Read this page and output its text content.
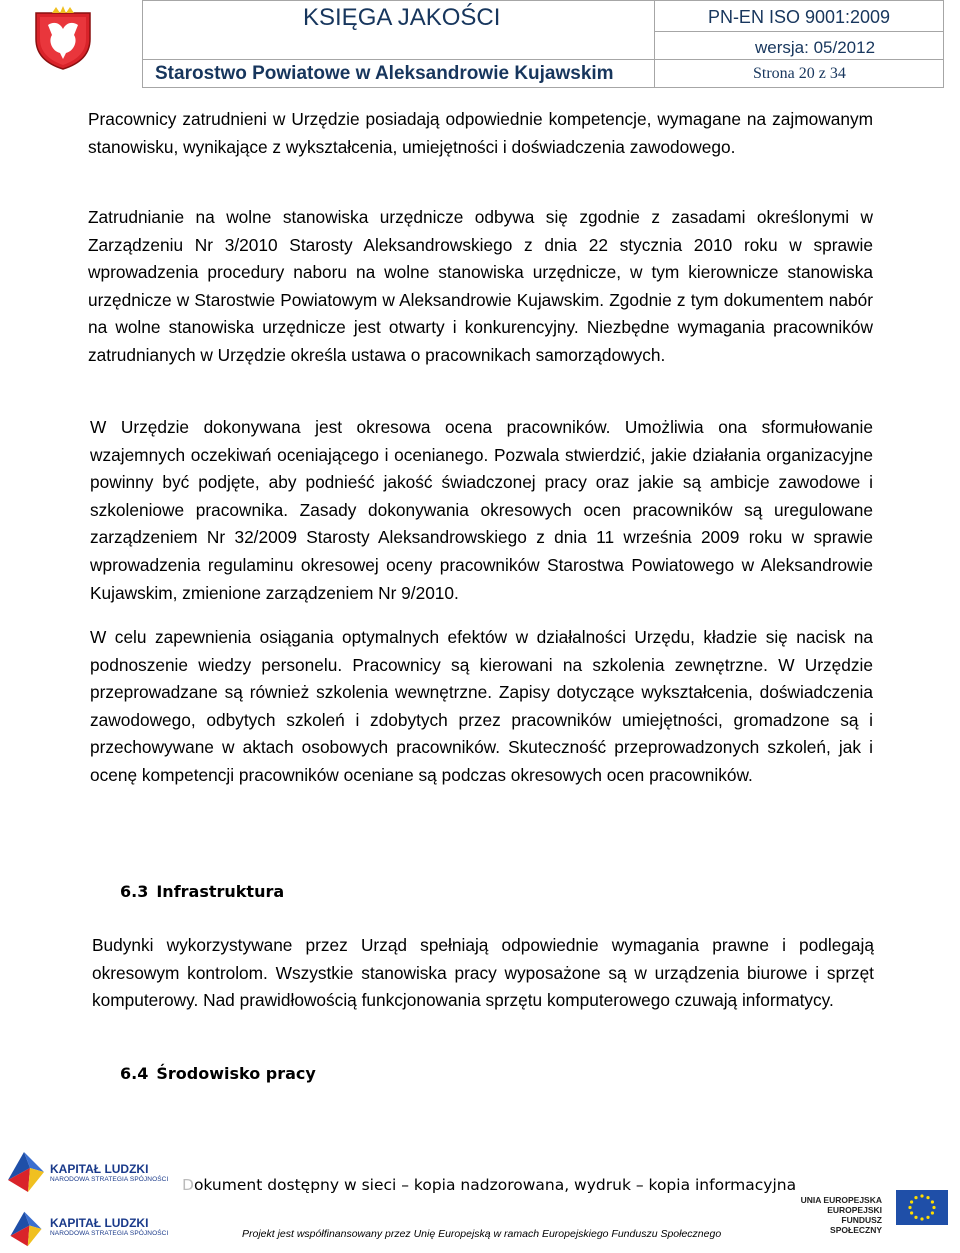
KSIĘGA JAKOŚCI	PN-EN ISO 9001:2009
wersja: 05/2012
Starostwo Powiatowe w Aleksandrowie Kujawskim	Strona 20 z 34
Pracownicy zatrudnieni w Urzędzie posiadają odpowiednie kompetencje, wymagane na zajmowanym stanowisku, wynikające z wykształcenia, umiejętności i doświadczenia zawodowego.
Zatrudnianie na wolne stanowiska urzędnicze odbywa się zgodnie z zasadami określonymi w Zarządzeniu Nr 3/2010 Starosty Aleksandrowskiego z dnia 22 stycznia 2010 roku w sprawie wprowadzenia procedury naboru na wolne stanowiska urzędnicze, w tym kierownicze stanowiska urzędnicze w Starostwie Powiatowym w Aleksandrowie Kujawskim. Zgodnie z tym dokumentem nabór na wolne stanowiska urzędnicze jest otwarty i konkurencyjny. Niezbędne wymagania pracowników zatrudnianych w Urzędzie określa ustawa o pracownikach samorządowych.
W Urzędzie dokonywana jest okresowa ocena pracowników. Umożliwia ona sformułowanie wzajemnych oczekiwań oceniającego i ocenianego. Pozwala stwierdzić, jakie działania organizacyjne powinny być podjęte, aby podnieść jakość świadczonej pracy oraz jakie są ambicje zawodowe i szkoleniowe pracownika. Zasady dokonywania okresowych ocen pracowników są uregulowane zarządzeniem Nr 32/2009 Starosty Aleksandrowskiego z dnia 11 września 2009 roku w sprawie wprowadzenia regulaminu okresowej oceny pracowników Starostwa Powiatowego w Aleksandrowie Kujawskim, zmienione zarządzeniem Nr 9/2010.
W celu zapewnienia osiągania optymalnych efektów w działalności Urzędu, kładzie się nacisk na podnoszenie wiedzy personelu. Pracownicy są kierowani na szkolenia zewnętrzne. W Urzędzie przeprowadzane są również szkolenia wewnętrzne. Zapisy dotyczące wykształcenia, doświadczenia zawodowego, odbytych szkoleń i zdobytych przez pracowników umiejętności, gromadzone są i przechowywane w aktach osobowych pracowników. Skuteczność przeprowadzonych szkoleń, jak i ocenę kompetencji pracowników oceniane są podczas okresowych ocen pracowników.
6.3 Infrastruktura
Budynki wykorzystywane przez Urząd spełniają odpowiednie wymagania prawne i podlegają okresowym kontrolom. Wszystkie stanowiska pracy wyposażone są w urządzenia biurowe i sprzęt komputerowy. Nad prawidłowością funkcjonowania sprzętu komputerowego czuwają informatycy.
6.4 Środowisko pracy
KAPITAŁ LUDZKI
NARODOWA STRATEGIA SPÓJNOŚCI
KAPITAŁ LUDZKI
NARODOWA STRATEGIA SPÓJNOŚCI
Dokument dostępny w sieci – kopia nadzorowana, wydruk – kopia informacyjna
Projekt jest współfinansowany przez Unię Europejską w ramach Europejskiego Funduszu Społecznego
UNIA EUROPEJSKA
EUROPEJSKI
FUNDUSZ SPOŁECZNY
